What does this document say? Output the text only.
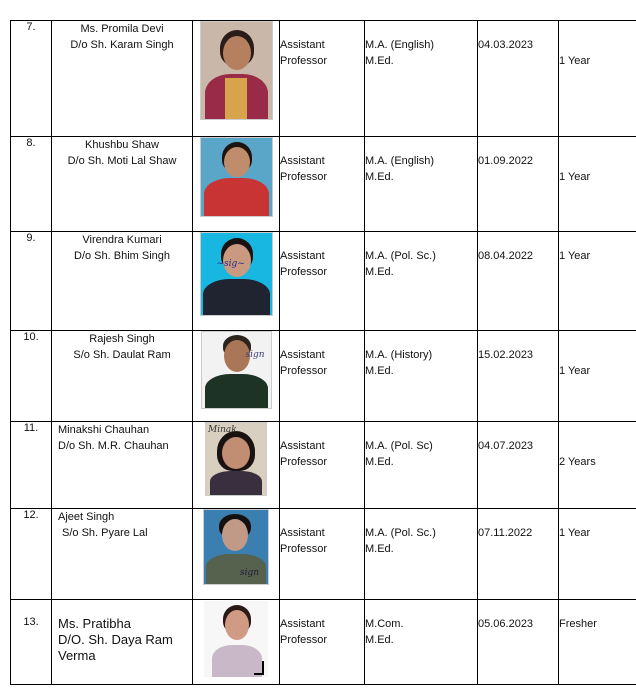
7.	Ms. Promila Devi
D/o Sh. Karam Singh		Assistant
Professor	M.A. (English)
M.Ed.	04.03.2023	1 Year

8.	Khushbu Shaw
D/o Sh. Moti Lal Shaw		Assistant
Professor	M.A. (English)
M.Ed.	01.09.2022	1 Year

9.	Virendra Kumari
D/o Sh. Bhim Singh	~sig~	Assistant
Professor	M.A. (Pol. Sc.)
M.Ed.	08.04.2022	1 Year

10.	Rajesh Singh
S/o Sh. Daulat Ram	sign	Assistant
Professor	M.A. (History)
M.Ed.	15.02.2023	1 Year

11.	Minakshi Chauhan
D/o Sh. M.R. Chauhan	Minak	Assistant
Professor	M.A. (Pol. Sc)
M.Ed.	04.07.2023	2 Years

12.	Ajeet Singh
S/o Sh. Pyare Lal	sign	Assistant
Professor	M.A. (Pol. Sc.)
M.Ed.	07.11.2022	1 Year

13.	Ms. Pratibha
D/O. Sh. Daya Ram
Verma		Assistant
Professor	M.Com.
M.Ed.	05.06.2023	Fresher
